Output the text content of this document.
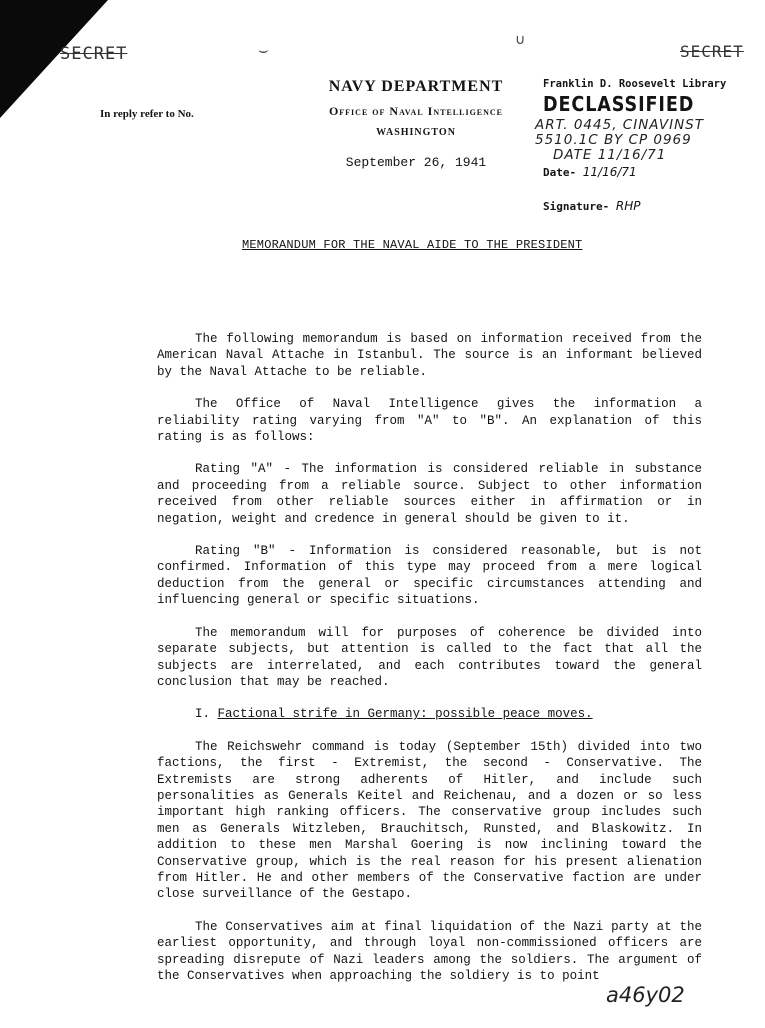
⌣	∪
SECRET	SECRET
In reply refer to No.
NAVY DEPARTMENT
Office of Naval Intelligence
WASHINGTON
September 26, 1941
Franklin D. Roosevelt Library
DECLASSIFIED
ART. 0445, CINAVINST
5510.1C BY CP 0969
DATE 11/16/71
Date- 11/16/71
Signature- RHP
MEMORANDUM FOR THE NAVAL AIDE TO THE PRESIDENT

The following memorandum is based on information received from the American Naval Attache in Istanbul. The source is an informant believed by the Naval Attache to be reliable.

The Office of Naval Intelligence gives the information a reliability rating varying from "A" to "B". An explanation of this rating is as follows:

Rating "A" - The information is considered reliable in substance and proceeding from a reliable source. Subject to other information received from other reliable sources either in affirmation or in negation, weight and credence in general should be given to it.

Rating "B" - Information is considered reasonable, but is not confirmed. Information of this type may proceed from a mere logical deduction from the general or specific circumstances attending and influencing general or specific situations.

The memorandum will for purposes of coherence be divided into separate subjects, but attention is called to the fact that all the subjects are interrelated, and each contributes toward the general conclusion that may be reached.

I. Factional strife in Germany: possible peace moves.

The Reichswehr command is today (September 15th) divided into two factions, the first - Extremist, the second - Conservative. The Extremists are strong adherents of Hitler, and include such personalities as Generals Keitel and Reichenau, and a dozen or so less important high ranking officers. The conservative group includes such men as Generals Witzleben, Brauchitsch, Runsted, and Blaskowitz. In addition to these men Marshal Goering is now inclining toward the Conservative group, which is the real reason for his present alienation from Hitler. He and other members of the Conservative faction are under close surveillance of the Gestapo.

The Conservatives aim at final liquidation of the Nazi party at the earliest opportunity, and through loyal non-commissioned officers are spreading disrepute of Nazi leaders among the soldiers. The argument of the Conservatives when approaching the soldiery is to point

a46y02
